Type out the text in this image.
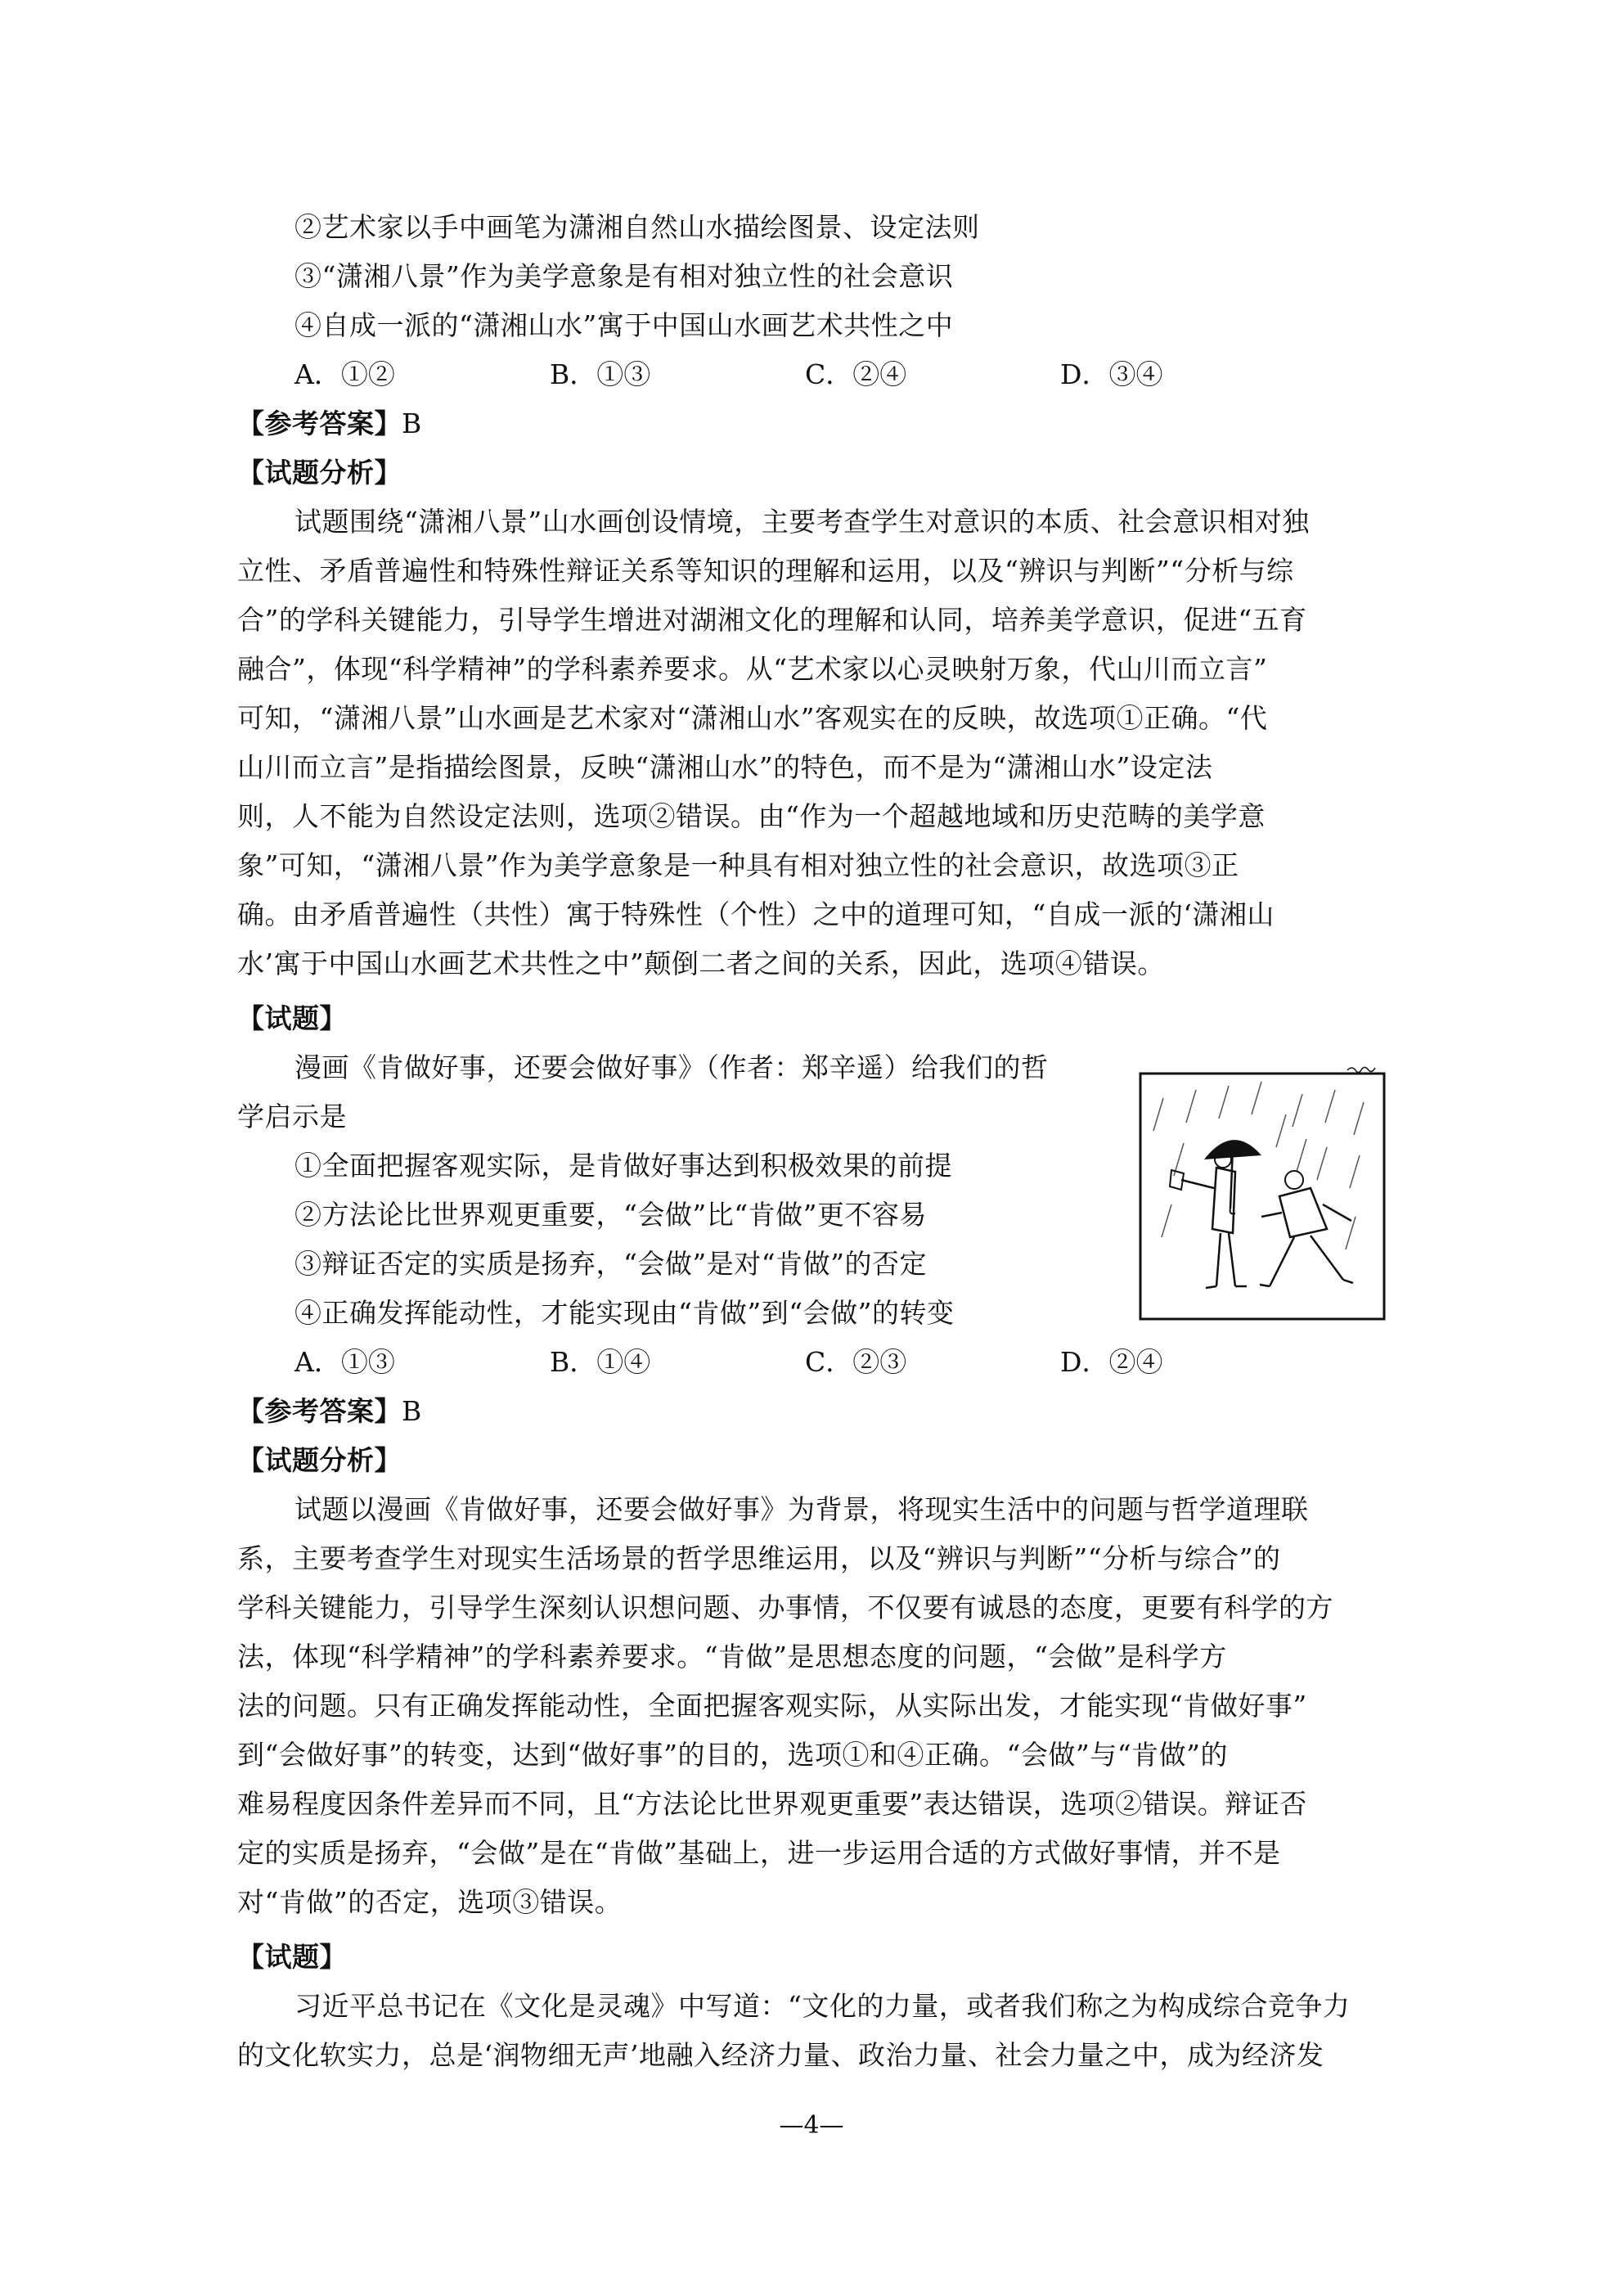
②艺术家以手中画笔为潇湘自然山水描绘图景、设定法则
③“潇湘八景”作为美学意象是有相对独立性的社会意识
④自成一派的“潇湘山水”寓于中国山水画艺术共性之中
A．①②	B．①③	C．②④	D．③④
【参考答案】B
【试题分析】
试题围绕“潇湘八景”山水画创设情境，主要考查学生对意识的本质、社会意识相对独
立性、矛盾普遍性和特殊性辩证关系等知识的理解和运用，以及“辨识与判断”“分析与综
合”的学科关键能力，引导学生增进对湖湘文化的理解和认同，培养美学意识，促进“五育
融合”，体现“科学精神”的学科素养要求。从“艺术家以心灵映射万象，代山川而立言”
可知，“潇湘八景”山水画是艺术家对“潇湘山水”客观实在的反映，故选项①正确。“代
山川而立言”是指描绘图景，反映“潇湘山水”的特色，而不是为“潇湘山水”设定法
则，人不能为自然设定法则，选项②错误。由“作为一个超越地域和历史范畴的美学意
象”可知，“潇湘八景”作为美学意象是一种具有相对独立性的社会意识，故选项③正
确。由矛盾普遍性（共性）寓于特殊性（个性）之中的道理可知，“自成一派的‘潇湘山
水’寓于中国山水画艺术共性之中”颠倒二者之间的关系，因此，选项④错误。
【试题】
漫画《肯做好事，还要会做好事》（作者：郑辛遥）给我们的哲
学启示是
①全面把握客观实际，是肯做好事达到积极效果的前提
②方法论比世界观更重要，“会做”比“肯做”更不容易
③辩证否定的实质是扬弃，“会做”是对“肯做”的否定
④正确发挥能动性，才能实现由“肯做”到“会做”的转变
A．①③	B．①④	C．②③	D．②④
【参考答案】B
【试题分析】
试题以漫画《肯做好事，还要会做好事》为背景，将现实生活中的问题与哲学道理联
系，主要考查学生对现实生活场景的哲学思维运用，以及“辨识与判断”“分析与综合”的
学科关键能力，引导学生深刻认识想问题、办事情，不仅要有诚恳的态度，更要有科学的方
法，体现“科学精神”的学科素养要求。“肯做”是思想态度的问题，“会做”是科学方
法的问题。只有正确发挥能动性，全面把握客观实际，从实际出发，才能实现“肯做好事”
到“会做好事”的转变，达到“做好事”的目的，选项①和④正确。“会做”与“肯做”的
难易程度因条件差异而不同，且“方法论比世界观更重要”表达错误，选项②错误。辩证否
定的实质是扬弃，“会做”是在“肯做”基础上，进一步运用合适的方式做好事情，并不是
对“肯做”的否定，选项③错误。
【试题】
习近平总书记在《文化是灵魂》中写道：“文化的力量，或者我们称之为构成综合竞争力
的文化软实力，总是‘润物细无声’地融入经济力量、政治力量、社会力量之中，成为经济发
—4—
